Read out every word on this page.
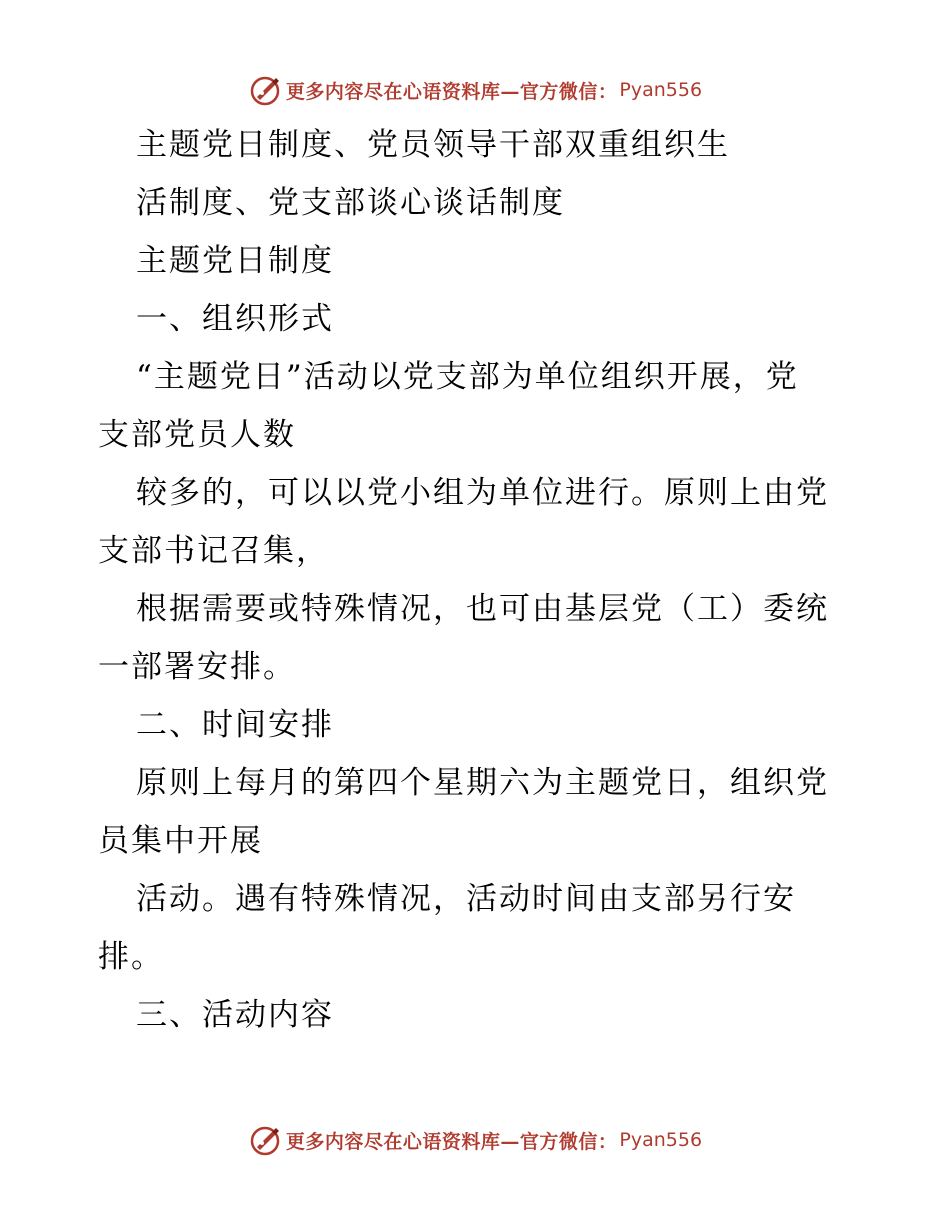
更多内容尽在心语资料库—官方微信： Pyan556
主题党日制度、党员领导干部双重组织生
活制度、党支部谈心谈话制度
主题党日制度
一、组织形式
“主题党日”活动以党支部为单位组织开展，党
支部党员人数
较多的，可以以党小组为单位进行。原则上由党
支部书记召集，
根据需要或特殊情况，也可由基层党（工）委统
一部署安排。
二、时间安排
原则上每月的第四个星期六为主题党日，组织党
员集中开展
活动。遇有特殊情况，活动时间由支部另行安
排。
三、活动内容
更多内容尽在心语资料库—官方微信： Pyan556
